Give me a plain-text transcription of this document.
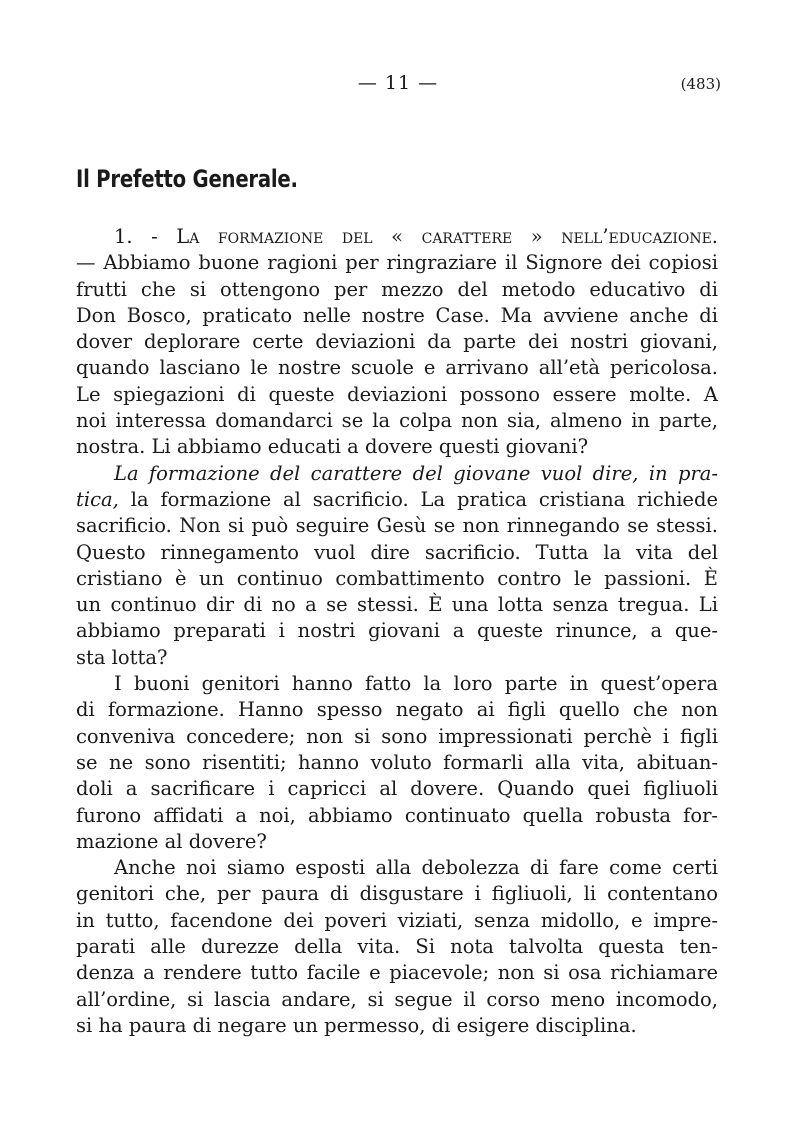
— 11 —	(483)
Il Prefetto Generale.
1. - La formazione del « carattere » nell’educazione.
— Abbiamo buone ragioni per ringraziare il Signore dei copiosi
frutti che si ottengono per mezzo del metodo educativo di
Don Bosco, praticato nelle nostre Case. Ma avviene anche di
dover deplorare certe deviazioni da parte dei nostri giovani,
quando lasciano le nostre scuole e arrivano all’età pericolosa.
Le spiegazioni di queste deviazioni possono essere molte. A
noi interessa domandarci se la colpa non sia, almeno in parte,
nostra. Li abbiamo educati a dovere questi giovani?
La formazione del carattere del giovane vuol dire, in pra-
tica, la formazione al sacrificio. La pratica cristiana richiede
sacrificio. Non si può seguire Gesù se non rinnegando se stessi.
Questo rinnegamento vuol dire sacrificio. Tutta la vita del
cristiano è un continuo combattimento contro le passioni. È
un continuo dir di no a se stessi. È una lotta senza tregua. Li
abbiamo preparati i nostri giovani a queste rinunce, a que-
sta lotta?
I buoni genitori hanno fatto la loro parte in quest’opera
di formazione. Hanno spesso negato ai figli quello che non
conveniva concedere; non si sono impressionati perchè i figli
se ne sono risentiti; hanno voluto formarli alla vita, abituan-
doli a sacrificare i capricci al dovere. Quando quei figliuoli
furono affidati a noi, abbiamo continuato quella robusta for-
mazione al dovere?
Anche noi siamo esposti alla debolezza di fare come certi
genitori che, per paura di disgustare i figliuoli, li contentano
in tutto, facendone dei poveri viziati, senza midollo, e impre-
parati alle durezze della vita. Si nota talvolta questa ten-
denza a rendere tutto facile e piacevole; non si osa richiamare
all’ordine, si lascia andare, si segue il corso meno incomodo,
si ha paura di negare un permesso, di esigere disciplina.
